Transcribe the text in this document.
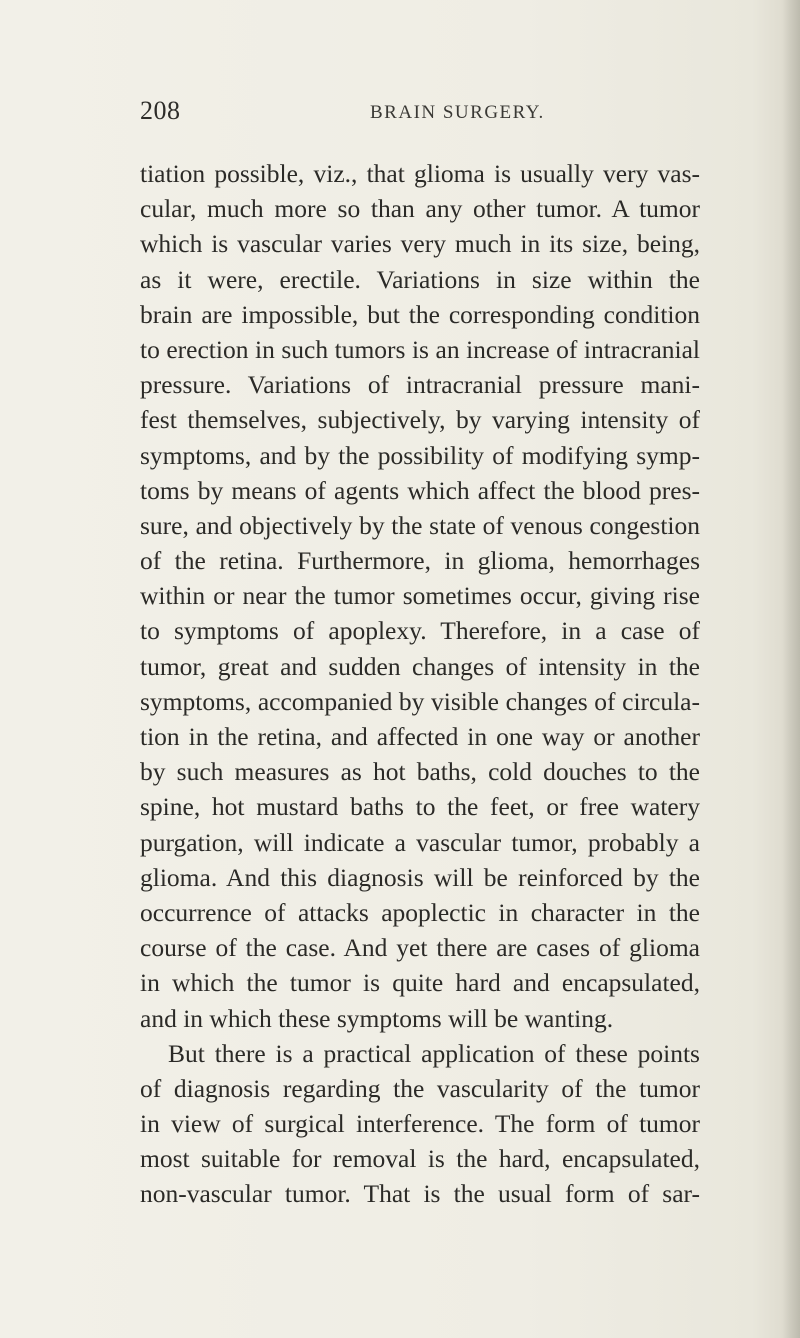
208	BRAIN SURGERY.
tiation possible, viz., that glioma is usually very vas-
cular, much more so than any other tumor. A tumor
which is vascular varies very much in its size, being,
as it were, erectile. Variations in size within the
brain are impossible, but the corresponding condition
to erection in such tumors is an increase of intracranial
pressure. Variations of intracranial pressure mani-
fest themselves, subjectively, by varying intensity of
symptoms, and by the possibility of modifying symp-
toms by means of agents which affect the blood pres-
sure, and objectively by the state of venous congestion
of the retina. Furthermore, in glioma, hemorrhages
within or near the tumor sometimes occur, giving rise
to symptoms of apoplexy. Therefore, in a case of
tumor, great and sudden changes of intensity in the
symptoms, accompanied by visible changes of circula-
tion in the retina, and affected in one way or another
by such measures as hot baths, cold douches to the
spine, hot mustard baths to the feet, or free watery
purgation, will indicate a vascular tumor, probably a
glioma. And this diagnosis will be reinforced by the
occurrence of attacks apoplectic in character in the
course of the case. And yet there are cases of glioma
in which the tumor is quite hard and encapsulated,
and in which these symptoms will be wanting.
But there is a practical application of these points
of diagnosis regarding the vascularity of the tumor
in view of surgical interference. The form of tumor
most suitable for removal is the hard, encapsulated,
non-vascular tumor. That is the usual form of sar-
